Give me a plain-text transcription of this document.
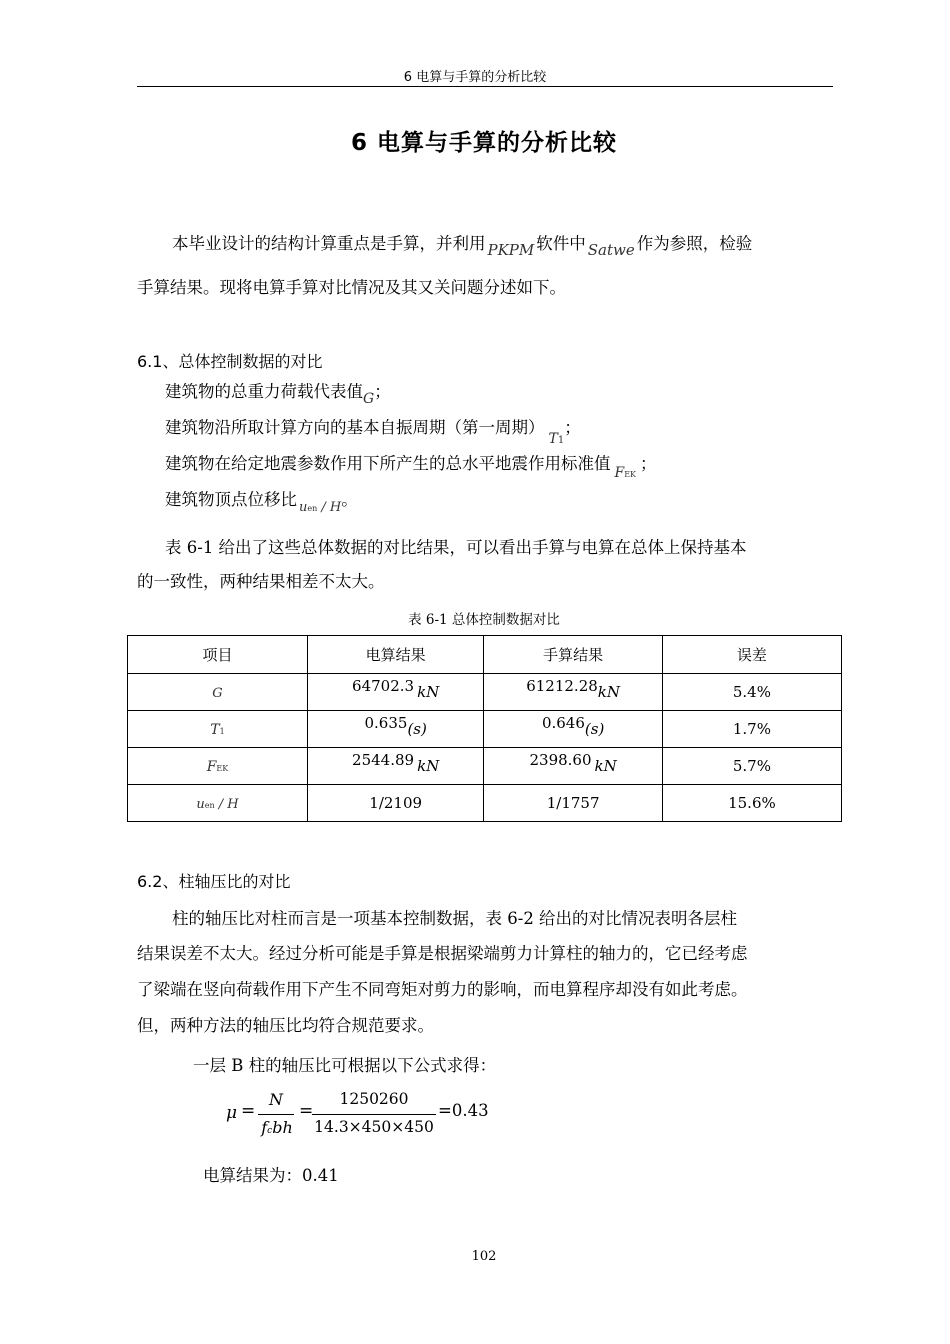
6 电算与手算的分析比较
6 电算与手算的分析比较
本毕业设计的结构计算重点是手算，并利用 PKPM 软件中 Satwe 作为参照，检验
手算结果。现将电算手算对比情况及其又关问题分述如下。
6.1、总体控制数据的对比
建筑物的总重力荷载代表值$_G$；
建筑物沿所取计算方向的基本自振周期（第一周期）$_{T1}$；
建筑物在给定地震参数作用下所产生的总水平地震作用标准值 $_{FEK}$；
建筑物顶点位移比 $_{uen / H}$。
表 6-1 给出了这些总体数据的对比结果，可以看出手算与电算在总体上保持基本
的一致性，两种结果相差不太大。
表 6-1 总体控制数据对比
项目	电算结果	手算结果	误差
G	64702.3 kN	61212.28kN	5.4%
T1	0.635(s)	0.646(s)	1.7%
FEK	2544.89 kN	2398.60 kN	5.7%
uen / H	1/2109	1/1757	15.6%
6.2、柱轴压比的对比
柱的轴压比对柱而言是一项基本控制数据，表 6-2 给出的对比情况表明各层柱
结果误差不太大。经过分析可能是手算是根据梁端剪力计算柱的轴力的，它已经考虑
了梁端在竖向荷载作用下产生不同弯矩对剪力的影响，而电算程序却没有如此考虑。
但，两种方法的轴压比均符合规范要求。
一层 B 柱的轴压比可根据以下公式求得：
μ =
N
fcbh
=
1250260
14.3×450×450
=0.43
电算结果为：0.41
102
